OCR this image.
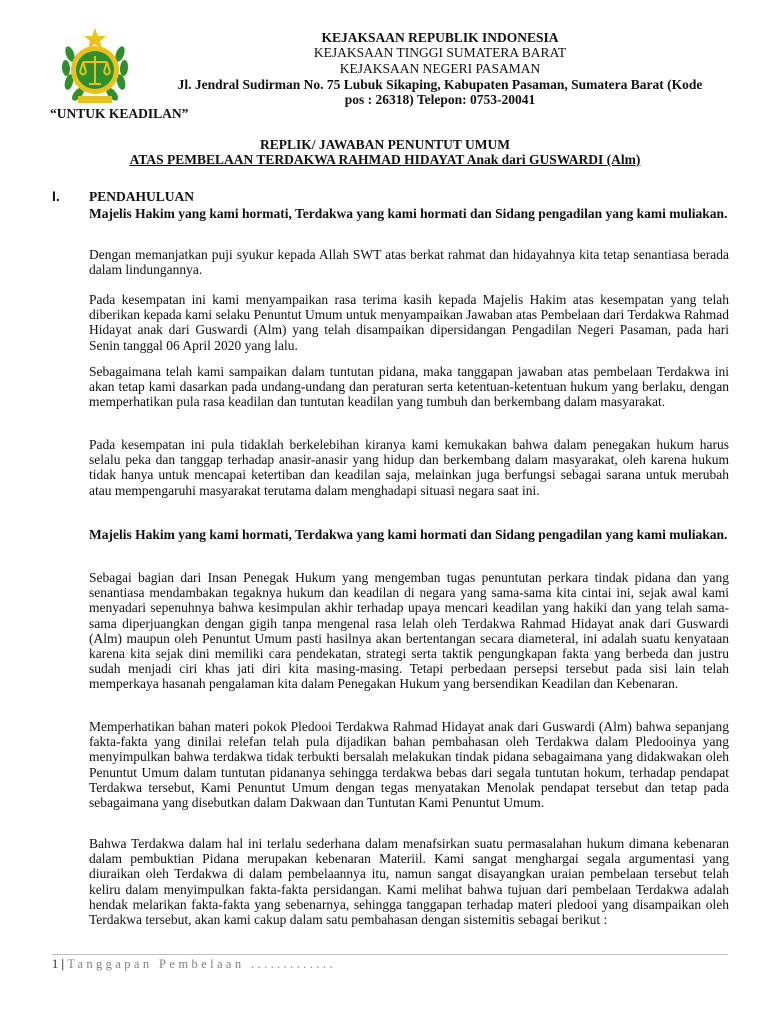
KEJAKSAAN REPUBLIK INDONESIA
KEJAKSAAN TINGGI SUMATERA BARAT
KEJAKSAAN NEGERI PASAMAN
Jl. Jendral Sudirman No. 75 Lubuk Sikaping, Kabupaten Pasaman, Sumatera Barat (Kode
pos : 26318) Telepon: 0753-20041
“UNTUK KEADILAN”
REPLIK/ JAWABAN PENUNTUT UMUM
ATAS PEMBELAAN TERDAKWA RAHMAD HIDAYAT Anak dari GUSWARDI (Alm)
I. PENDAHULUAN

Majelis Hakim yang kami hormati, Terdakwa yang kami hormati dan Sidang pengadilan yang kami muliakan.

Dengan memanjatkan puji syukur kepada Allah SWT atas berkat rahmat dan hidayahnya kita tetap senantiasa berada dalam lindungannya.

Pada kesempatan ini kami menyampaikan rasa terima kasih kepada Majelis Hakim atas kesempatan yang telah diberikan kepada kami selaku Penuntut Umum untuk menyampaikan Jawaban atas Pembelaan dari Terdakwa Rahmad Hidayat anak dari Guswardi (Alm) yang telah disampaikan dipersidangan Pengadilan Negeri Pasaman, pada hari Senin tanggal 06 April 2020 yang lalu.

Sebagaimana telah kami sampaikan dalam tuntutan pidana, maka tanggapan jawaban atas pembelaan Terdakwa ini akan tetap kami dasarkan pada undang-undang dan peraturan serta ketentuan-ketentuan hukum yang berlaku, dengan memperhatikan pula rasa keadilan dan tuntutan keadilan yang tumbuh dan berkembang dalam masyarakat.

Pada kesempatan ini pula tidaklah berkelebihan kiranya kami kemukakan bahwa dalam penegakan hukum harus selalu peka dan tanggap terhadap anasir-anasir yang hidup dan berkembang dalam masyarakat, oleh karena hukum tidak hanya untuk mencapai ketertiban dan keadilan saja, melainkan juga berfungsi sebagai sarana untuk merubah atau mempengaruhi masyarakat terutama dalam menghadapi situasi negara saat ini.

Majelis Hakim yang kami hormati, Terdakwa yang kami hormati dan Sidang pengadilan yang kami muliakan.

Sebagai bagian dari Insan Penegak Hukum yang mengemban tugas penuntutan perkara tindak pidana dan yang senantiasa mendambakan tegaknya hukum dan keadilan di negara yang sama-sama kita cintai ini, sejak awal kami menyadari sepenuhnya bahwa kesimpulan akhir terhadap upaya mencari keadilan yang hakiki dan yang telah sama-sama diperjuangkan dengan gigih tanpa mengenal rasa lelah oleh Terdakwa Rahmad Hidayat anak dari Guswardi (Alm) maupun oleh Penuntut Umum pasti hasilnya akan bertentangan secara diameteral, ini adalah suatu kenyataan karena kita sejak dini memiliki cara pendekatan, strategi serta taktik pengungkapan fakta yang berbeda dan justru sudah menjadi ciri khas jati diri kita masing-masing. Tetapi perbedaan persepsi tersebut pada sisi lain telah memperkaya hasanah pengalaman kita dalam Penegakan Hukum yang bersendikan Keadilan dan Kebenaran.

Memperhatikan bahan materi pokok Pledooi Terdakwa Rahmad Hidayat anak dari Guswardi (Alm) bahwa sepanjang fakta-fakta yang dinilai relefan telah pula dijadikan bahan pembahasan oleh Terdakwa dalam Pledooinya yang menyimpulkan bahwa terdakwa tidak terbukti bersalah melakukan tindak pidana sebagaimana yang didakwakan oleh Penuntut Umum dalam tuntutan pidananya sehingga terdakwa bebas dari segala tuntutan hokum, terhadap pendapat Terdakwa tersebut, Kami Penuntut Umum dengan tegas menyatakan Menolak pendapat tersebut dan tetap pada sebagaimana yang disebutkan dalam Dakwaan dan Tuntutan Kami Penuntut Umum.

Bahwa Terdakwa dalam hal ini terlalu sederhana dalam menafsirkan suatu permasalahan hukum dimana kebenaran dalam pembuktian Pidana merupakan kebenaran Materiil. Kami sangat menghargai segala argumentasi yang diuraikan oleh Terdakwa di dalam pembelaannya itu, namun sangat disayangkan uraian pembelaan tersebut telah keliru dalam menyimpulkan fakta-fakta persidangan. Kami melihat bahwa tujuan dari pembelaan Terdakwa adalah hendak melarikan fakta-fakta yang sebenarnya, sehingga tanggapan terhadap materi pledooi yang disampaikan oleh Terdakwa tersebut, akan kami cakup dalam satu pembahasan dengan sistemitis sebagai berikut :

1 | Tanggapan Pembelaan .............
